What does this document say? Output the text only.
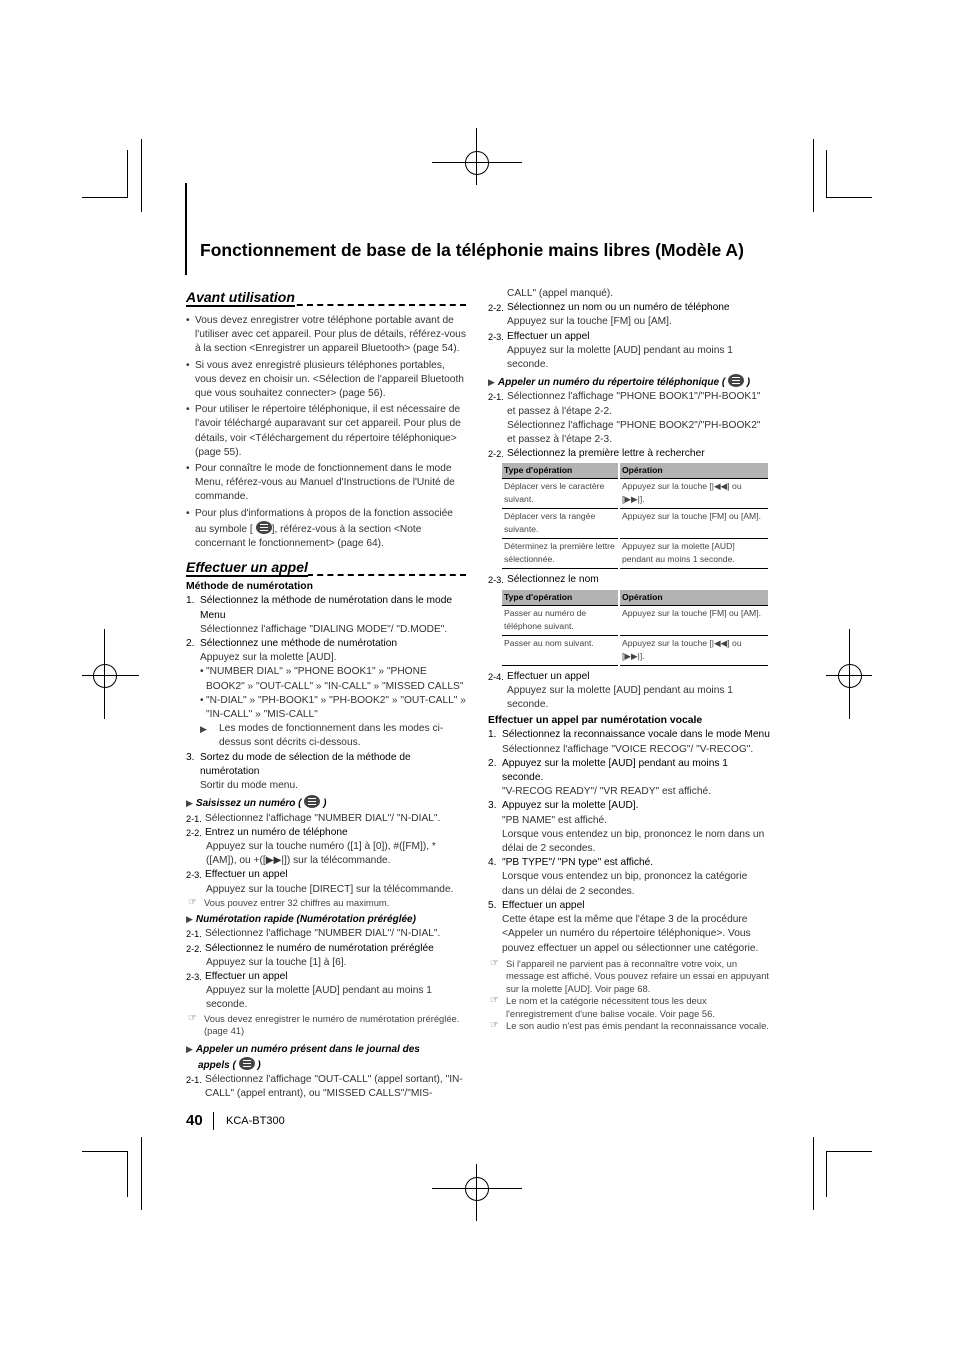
Fonctionnement de base de la téléphonie mains libres (Modèle A)
Avant utilisation
• Vous devez enregistrer votre téléphone portable avant de l'utiliser avec cet appareil. Pour plus de détails, référez-vous à la section <Enregistrer un appareil Bluetooth> (page 54).
• Si vous avez enregistré plusieurs téléphones portables, vous devez en choisir un. <Sélection de l'appareil Bluetooth que vous souhaitez connecter> (page 56).
• Pour utiliser le répertoire téléphonique, il est nécessaire de l'avoir téléchargé auparavant sur cet appareil. Pour plus de détails, voir <Téléchargement du répertoire téléphonique> (page 55).
• Pour connaître le mode de fonctionnement dans le mode Menu, référez-vous au Manuel d'Instructions de l'Unité de commande.
• Pour plus d'informations à propos de la fonction associée au symbole [ ], référez-vous à la section <Note concernant le fonctionnement> (page 64).
Effectuer un appel
Méthode de numérotation
1. Sélectionnez la méthode de numérotation dans le mode Menu
Sélectionnez l'affichage "DIALING MODE"/ "D.MODE".
2. Sélectionnez une méthode de numérotation
Appuyez sur la molette [AUD].
• "NUMBER DIAL" » "PHONE BOOK1" » "PHONE BOOK2" » "OUT-CALL" » "IN-CALL" » "MISSED CALLS"
• "N-DIAL" » "PH-BOOK1" » "PH-BOOK2" » "OUT-CALL" » "IN-CALL" » "MIS-CALL"
▶	Les modes de fonctionnement dans les modes ci-dessus sont décrits ci-dessous.
3. Sortez du mode de sélection de la méthode de numérotation
Sortir du mode menu.
▶ Saisissez un numéro (  )
2-1. Sélectionnez l'affichage "NUMBER DIAL"/ "N-DIAL".
2-2. Entrez un numéro de téléphone
Appuyez sur la touche numéro ([1] à [0]), #([FM]), *([AM]), ou +([▶▶|]) sur la télécommande.
2-3. Effectuer un appel
Appuyez sur la touche [DIRECT] sur la télécommande.
☞ Vous pouvez entrer 32 chiffres au maximum.
▶ Numérotation rapide (Numérotation préréglée)
2-1. Sélectionnez l'affichage "NUMBER DIAL"/ "N-DIAL".
2-2. Sélectionnez le numéro de numérotation préréglée
Appuyez sur la touche [1] à [6].
2-3. Effectuer un appel
Appuyez sur la molette [AUD] pendant au moins 1 seconde.
☞ Vous devez enregistrer le numéro de numérotation préréglée. (page 41)
▶ Appeler un numéro présent dans le journal des
appels (  )
2-1. Sélectionnez l'affichage "OUT-CALL" (appel sortant), "IN-CALL" (appel entrant), ou "MISSED CALLS"/"MIS-
CALL" (appel manqué).
2-2. Sélectionnez un nom ou un numéro de téléphone
Appuyez sur la touche [FM] ou [AM].
2-3. Effectuer un appel
Appuyez sur la molette [AUD] pendant au moins 1 seconde.
▶ Appeler un numéro du répertoire téléphonique (  )
2-1. Sélectionnez l'affichage "PHONE BOOK1"/"PH-BOOK1" et passez à l'étape 2-2.
Sélectionnez l'affichage "PHONE BOOK2"/"PH-BOOK2" et passez à l'étape 2-3.
2-2. Sélectionnez la première lettre à rechercher
Type d'opération	Opération
Déplacer vers le caractère suivant.	Appuyez sur la touche [|◀◀] ou [▶▶|].
Déplacer vers la rangée suivante.	Appuyez sur la touche [FM] ou [AM].
Déterminez la première lettre sélectionnée.	Appuyez sur la molette [AUD] pendant au moins 1 seconde.
2-3. Sélectionnez le nom
Type d'opération	Opération
Passer au numéro de téléphone suivant.	Appuyez sur la touche [FM] ou [AM].
Passer au nom suivant.	Appuyez sur la touche [|◀◀] ou [▶▶|].
2-4. Effectuer un appel
Appuyez sur la molette [AUD] pendant au moins 1 seconde.
Effectuer un appel par numérotation vocale
1. Sélectionnez la reconnaissance vocale dans le mode Menu
Sélectionnez l'affichage "VOICE RECOG"/ "V-RECOG".
2. Appuyez sur la molette [AUD] pendant au moins 1 seconde.
"V-RECOG READY"/ "VR READY" est affiché.
3. Appuyez sur la molette [AUD].
"PB NAME" est affiché.
Lorsque vous entendez un bip, prononcez le nom dans un délai de 2 secondes.
4. "PB TYPE"/ "PN type" est affiché.
Lorsque vous entendez un bip, prononcez la catégorie dans un délai de 2 secondes.
5. Effectuer un appel
Cette étape est la même que l'étape 3 de la procédure <Appeler un numéro du répertoire téléphonique>. Vous pouvez effectuer un appel ou sélectionner une catégorie.
☞ Si l'appareil ne parvient pas à reconnaître votre voix, un message est affiché. Vous pouvez refaire un essai en appuyant sur la molette [AUD]. Voir page 68.
☞ Le nom et la catégorie nécessitent tous les deux l'enregistrement d'une balise vocale. Voir page 56.
☞ Le son audio n'est pas émis pendant la reconnaissance vocale.
40 KCA-BT300
